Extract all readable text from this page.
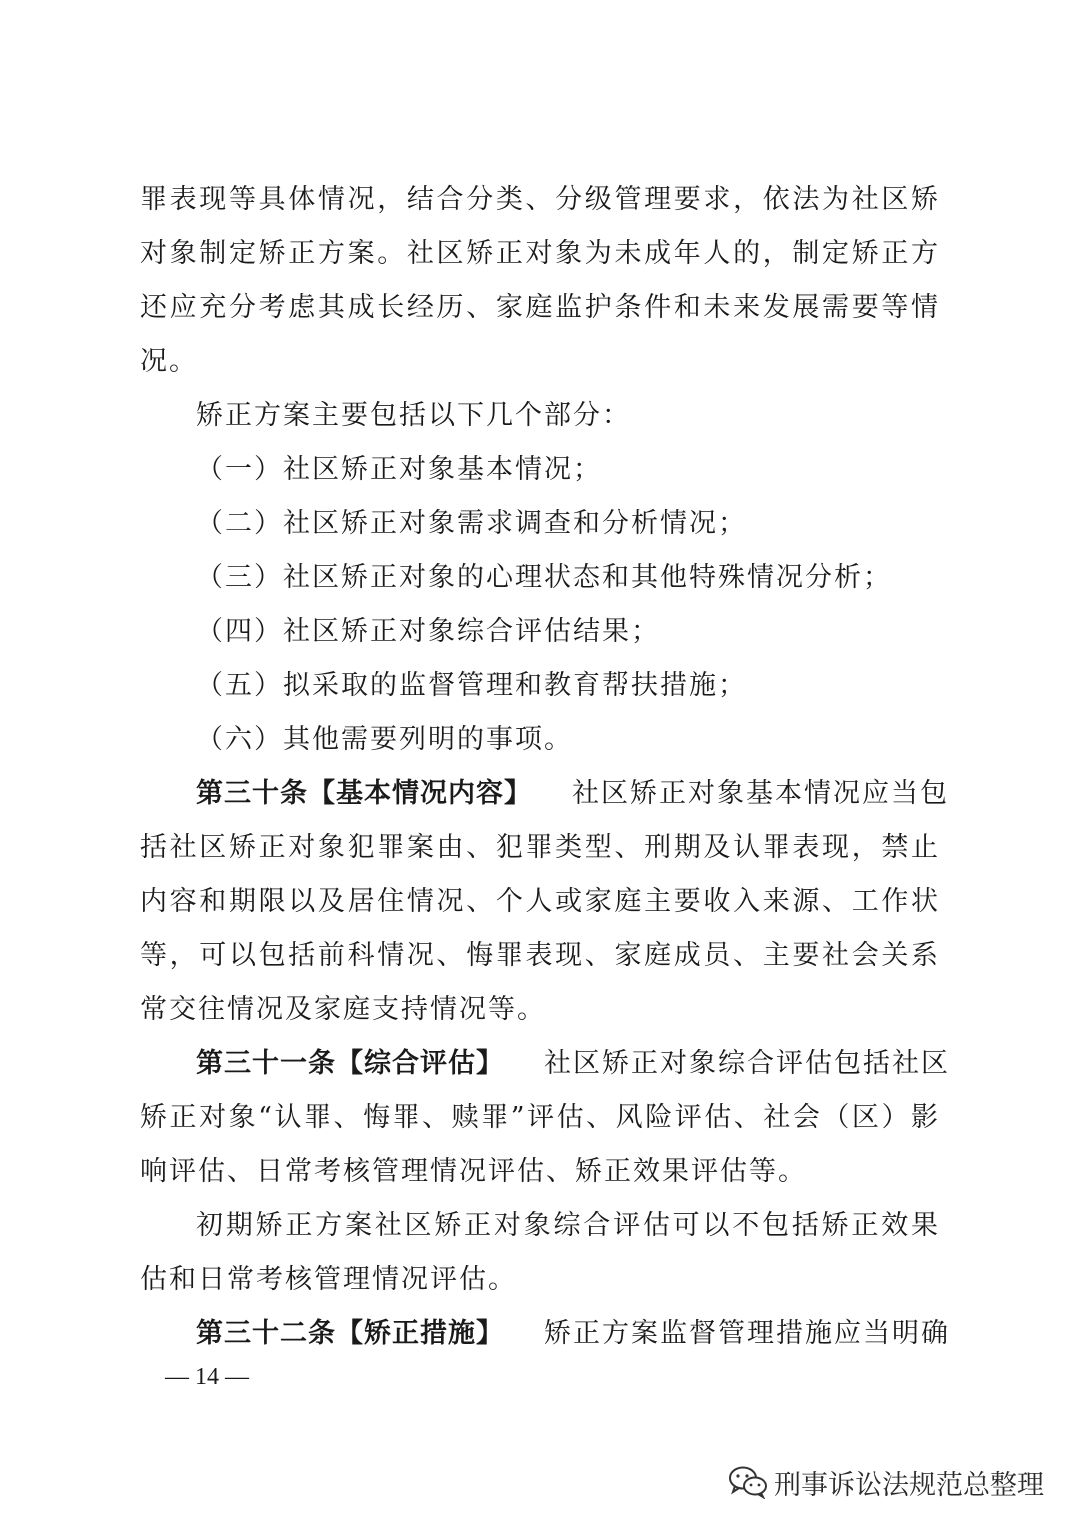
罪表现等具体情况，结合分类、分级管理要求，依法为社区矫
对象制定矫正方案。社区矫正对象为未成年人的，制定矫正方
还应充分考虑其成长经历、家庭监护条件和未来发展需要等情
况。
矫正方案主要包括以下几个部分：
（一）社区矫正对象基本情况；
（二）社区矫正对象需求调查和分析情况；
（三）社区矫正对象的心理状态和其他特殊情况分析；
（四）社区矫正对象综合评估结果；
（五）拟采取的监督管理和教育帮扶措施；
（六）其他需要列明的事项。
第三十条【基本情况内容】 社区矫正对象基本情况应当包
括社区矫正对象犯罪案由、犯罪类型、刑期及认罪表现，禁止
内容和期限以及居住情况、个人或家庭主要收入来源、工作状
等，可以包括前科情况、悔罪表现、家庭成员、主要社会关系
常交往情况及家庭支持情况等。
第三十一条【综合评估】 社区矫正对象综合评估包括社区
矫正对象“认罪、悔罪、赎罪”评估、风险评估、社会（区）影
响评估、日常考核管理情况评估、矫正效果评估等。
初期矫正方案社区矫正对象综合评估可以不包括矫正效果
估和日常考核管理情况评估。
第三十二条【矫正措施】 矫正方案监督管理措施应当明确
— 14 —
刑事诉讼法规范总整理
